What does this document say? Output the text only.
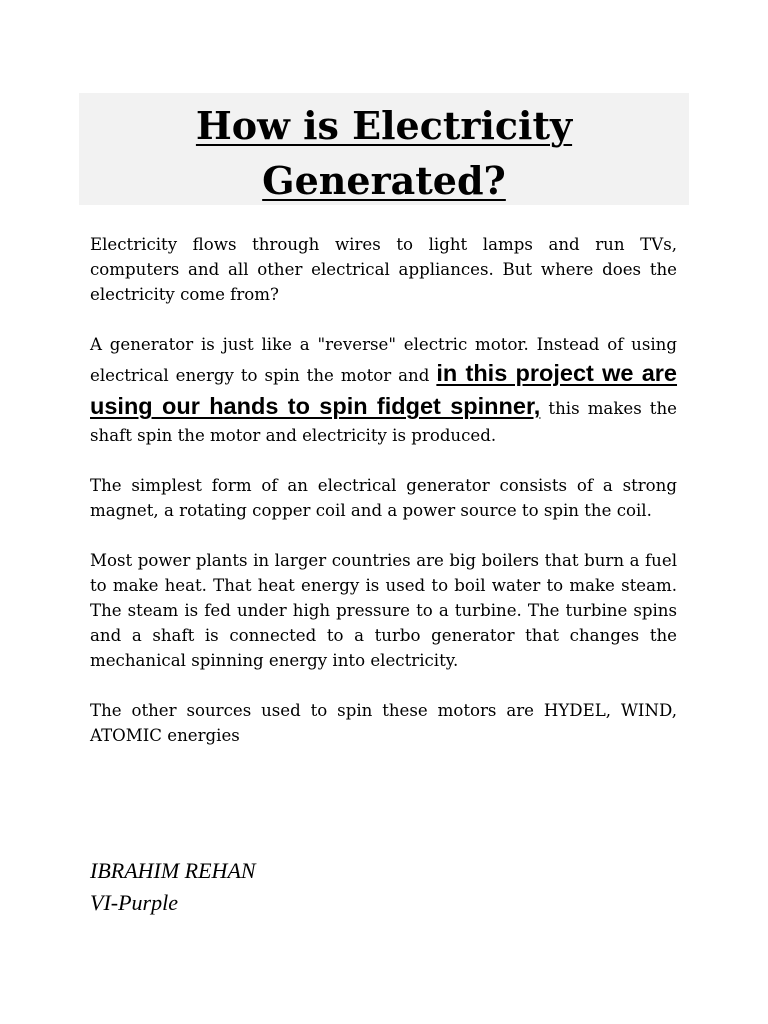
How is Electricity
Generated?

Electricity flows through wires to light lamps and run TVs, computers and all other electrical appliances. But where does the electricity come from?

A generator is just like a "reverse" electric motor. Instead of using electrical energy to spin the motor and in this project we are using our hands to spin fidget spinner, this makes the shaft spin the motor and electricity is produced.

The simplest form of an electrical generator consists of a strong magnet, a rotating copper coil and a power source to spin the coil.

Most power plants in larger countries are big boilers that burn a fuel to make heat. That heat energy is used to boil water to make steam. The steam is fed under high pressure to a turbine. The turbine spins and a shaft is connected to a turbo generator that changes the mechanical spinning energy into electricity.

The other sources used to spin these motors are HYDEL, WIND, ATOMIC energies

IBRAHIM REHAN
VI-Purple
